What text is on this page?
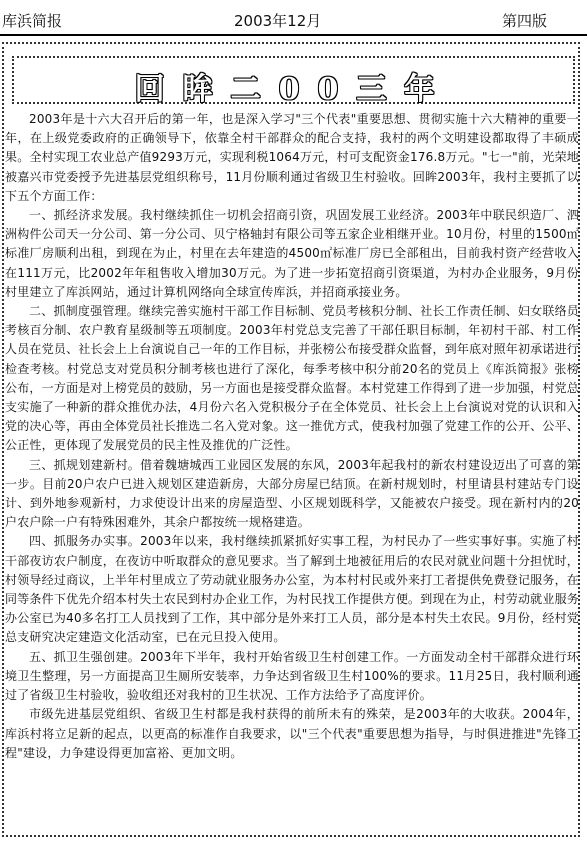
库浜简报	2003年12月	第四版
回眸二00三年

2003年是十六大召开后的第一年，也是深入学习"三个代表"重要思想、贯彻实施十六大精神的重要一年，在上级党委政府的正确领导下，依靠全村干部群众的配合支持，我村的两个文明建设都取得了丰硕成果。全村实现工农业总产值9293万元，实现利税1064万元，村可支配资金176.8万元。"七一"前，光荣地被嘉兴市党委授予先进基层党组织称号，11月份顺利通过省级卫生村验收。回眸2003年，我村主要抓了以下五个方面工作：

一、抓经济求发展。我村继续抓住一切机会招商引资，巩固发展工业经济。2003年中联民织造厂、泗洲构件公司天一分公司、第一分公司、贝宁格轴封有限公司等五家企业相继开业。10月份，村里的1500㎡标准厂房顺利出租，到现在为止，村里在去年建造的4500㎡标准厂房已全部租出，目前我村资产经营收入在111万元，比2002年年租售收入增加30万元。为了进一步拓宽招商引资渠道，为村办企业服务，9月份村里建立了库浜网站，通过计算机网络向全球宣传库浜，并招商承接业务。

二、抓制度强管理。继续完善实施村干部工作目标制、党员考核积分制、社长工作责任制、妇女联络员考核百分制、农户教育星级制等五项制度。2003年村党总支完善了干部任职目标制，年初村干部、村工作人员在党员、社长会上上台演说自己一年的工作目标，并张榜公布接受群众监督，到年底对照年初承诺进行检查考核。村党总支对党员积分制考核也进行了深化，每季考核中积分前20名的党员上《库浜简报》张榜公布，一方面是对上榜党员的鼓励，另一方面也是接受群众监督。本村党建工作得到了进一步加强，村党总支实施了一种新的群众推优办法，4月份六名入党积极分子在全体党员、社长会上上台演说对党的认识和入党的决心等，再由全体党员社长推选二名入党对象。这一推优方式，使我村加强了党建工作的公开、公平、公正性，更体现了发展党员的民主性及推优的广泛性。

三、抓规划建新村。借着魏塘城西工业园区发展的东风，2003年起我村的新农村建设迈出了可喜的第一步。目前20户农户已进入规划区建造新房，大部分房屋已结顶。在新村规划时，村里请县村建站专门设计、到外地参观新村，力求使设计出来的房屋造型、小区规划既科学，又能被农户接受。现在新村内的20户农户除一户有特殊困难外，其余户都按统一规格建造。

四、抓服务办实事。2003年以来，我村继续抓紧抓好实事工程，为村民办了一些实事好事。实施了村干部夜访农户制度，在夜访中听取群众的意见要求。当了解到土地被征用后的农民对就业问题十分担忧时，村领导经过商议，上半年村里成立了劳动就业服务办公室，为本村村民或外来打工者提供免费登记服务，在同等条件下优先介绍本村失土农民到村办企业工作，为村民找工作提供方便。到现在为止，村劳动就业服务办公室已为40多名打工人员找到了工作，其中部分是外来打工人员，部分是本村失土农民。9月份，经村党总支研究决定建造文化活动室，已在元旦投入使用。

五、抓卫生强创建。2003年下半年，我村开始省级卫生村创建工作。一方面发动全村干部群众进行环境卫生整理，另一方面提高卫生厕所安装率，力争达到省级卫生村100%的要求。11月25日，我村顺利通过了省级卫生村验收，验收组还对我村的卫生状况、工作方法给予了高度评价。

市级先进基层党组织、省级卫生村都是我村获得的前所未有的殊荣，是2003年的大收获。2004年，库浜村将立足新的起点，以更高的标准作自我要求，以"三个代表"重要思想为指导，与时俱进推进"先锋工程"建设，力争建设得更加富裕、更加文明。
